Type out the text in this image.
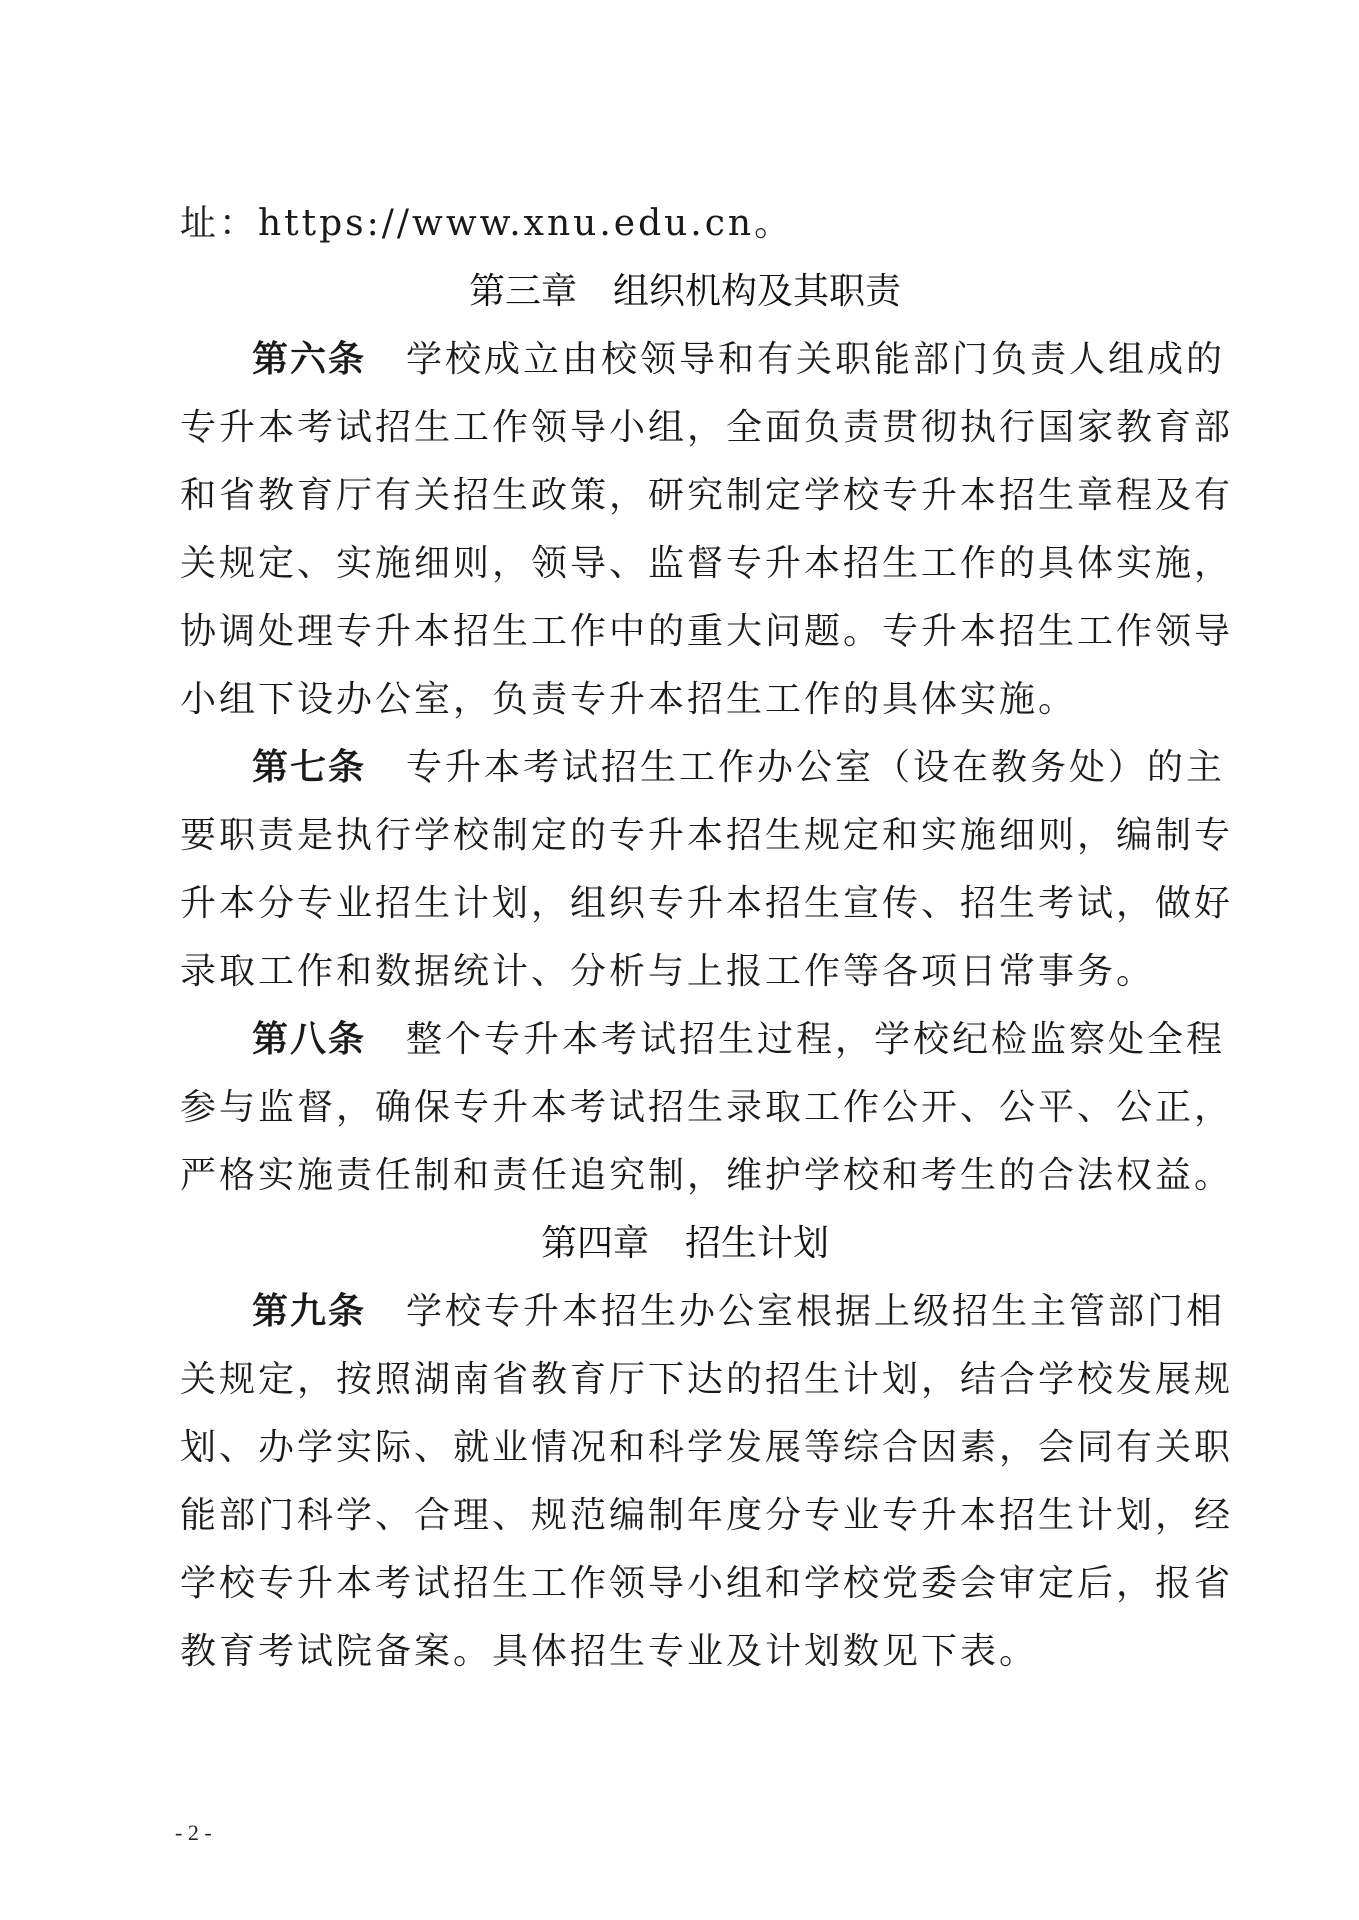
址：https://www.xnu.edu.cn。
第三章 组织机构及其职责
第六条 学校成立由校领导和有关职能部门负责人组成的
专升本考试招生工作领导小组，全面负责贯彻执行国家教育部
和省教育厅有关招生政策，研究制定学校专升本招生章程及有
关规定、实施细则，领导、监督专升本招生工作的具体实施，
协调处理专升本招生工作中的重大问题。专升本招生工作领导
小组下设办公室，负责专升本招生工作的具体实施。
第七条 专升本考试招生工作办公室（设在教务处）的主
要职责是执行学校制定的专升本招生规定和实施细则，编制专
升本分专业招生计划，组织专升本招生宣传、招生考试，做好
录取工作和数据统计、分析与上报工作等各项日常事务。
第八条 整个专升本考试招生过程，学校纪检监察处全程
参与监督，确保专升本考试招生录取工作公开、公平、公正，
严格实施责任制和责任追究制，维护学校和考生的合法权益。
第四章 招生计划
第九条 学校专升本招生办公室根据上级招生主管部门相
关规定，按照湖南省教育厅下达的招生计划，结合学校发展规
划、办学实际、就业情况和科学发展等综合因素，会同有关职
能部门科学、合理、规范编制年度分专业专升本招生计划，经
学校专升本考试招生工作领导小组和学校党委会审定后，报省
教育考试院备案。具体招生专业及计划数见下表。
- 2 -
